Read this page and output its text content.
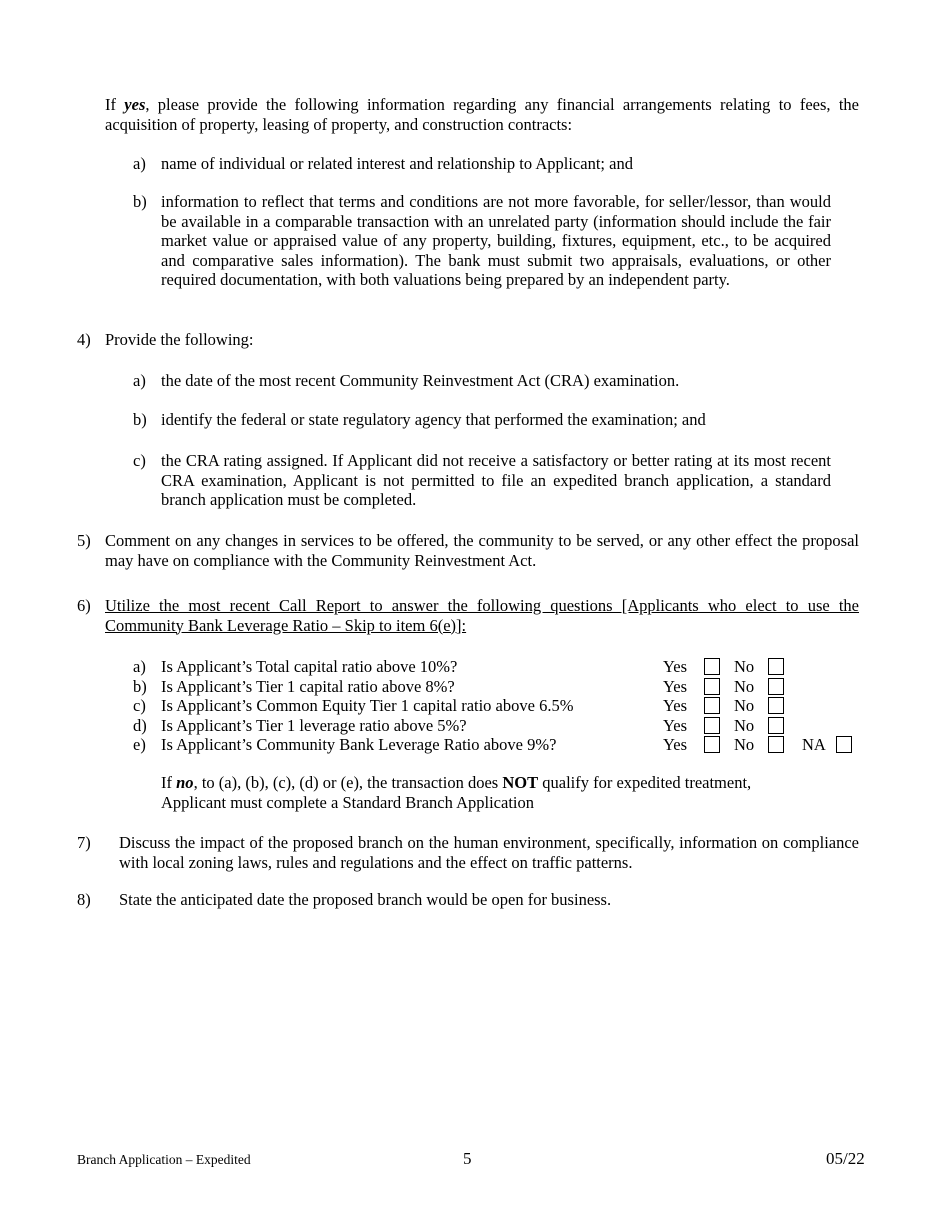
If yes, please provide the following information regarding any financial arrangements relating to fees, the acquisition of property, leasing of property, and construction contracts:
a) name of individual or related interest and relationship to Applicant; and
b) information to reflect that terms and conditions are not more favorable, for seller/lessor, than would be available in a comparable transaction with an unrelated party (information should include the fair market value or appraised value of any property, building, fixtures, equipment, etc., to be acquired and comparative sales information). The bank must submit two appraisals, evaluations, or other required documentation, with both valuations being prepared by an independent party.
4) Provide the following:
a) the date of the most recent Community Reinvestment Act (CRA) examination.
b) identify the federal or state regulatory agency that performed the examination; and
c) the CRA rating assigned. If Applicant did not receive a satisfactory or better rating at its most recent CRA examination, Applicant is not permitted to file an expedited branch application, a standard branch application must be completed.
5) Comment on any changes in services to be offered, the community to be served, or any other effect the proposal may have on compliance with the Community Reinvestment Act.
6) Utilize the most recent Call Report to answer the following questions [Applicants who elect to use the Community Bank Leverage Ratio – Skip to item 6(e)]:
a) Is Applicant’s Total capital ratio above 10%?	Yes	No
b) Is Applicant’s Tier 1 capital ratio above 8%?	Yes	No
c) Is Applicant’s Common Equity Tier 1 capital ratio above 6.5%	Yes	No
d) Is Applicant’s Tier 1 leverage ratio above 5%?	Yes	No
e) Is Applicant’s Community Bank Leverage Ratio above 9%?	Yes	No	NA
If no, to (a), (b), (c), (d) or (e), the transaction does NOT qualify for expedited treatment, Applicant must complete a Standard Branch Application
7) Discuss the impact of the proposed branch on the human environment, specifically, information on compliance with local zoning laws, rules and regulations and the effect on traffic patterns.
8) State the anticipated date the proposed branch would be open for business.
Branch Application – Expedited	5	05/22
